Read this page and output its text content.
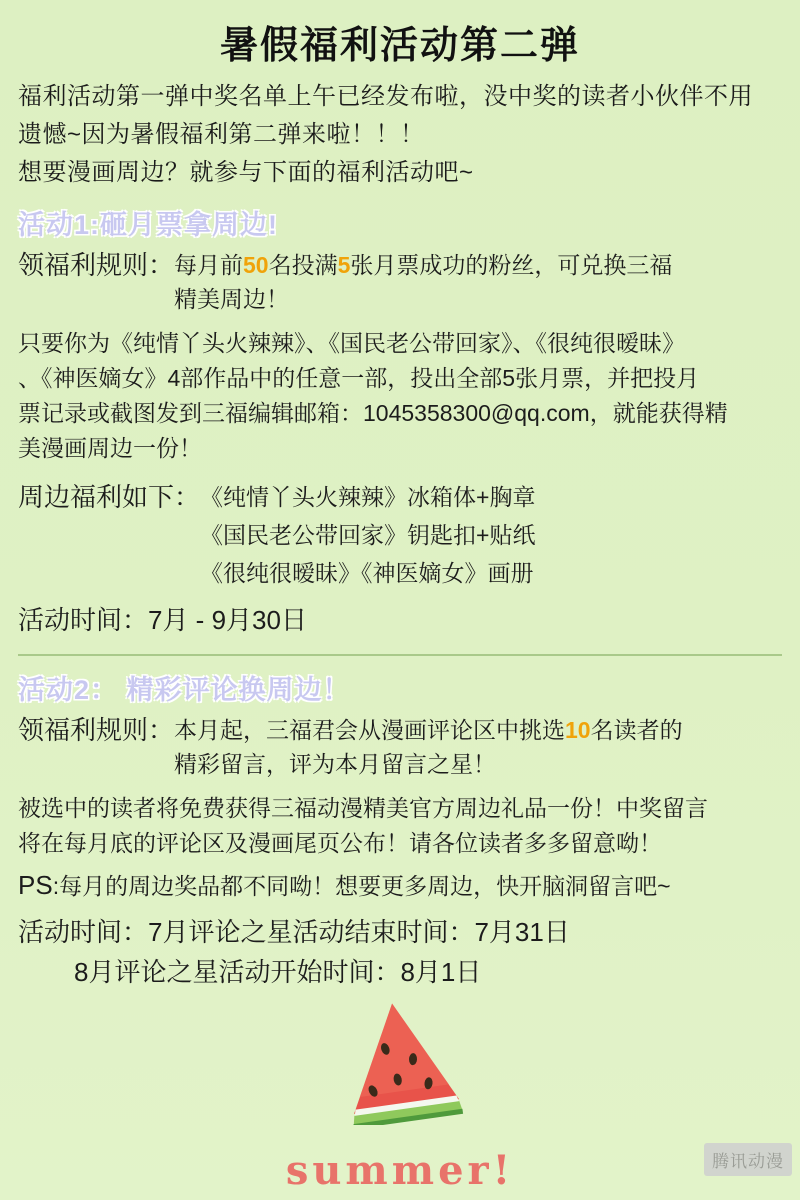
暑假福利活动第二弹

福利活动第一弹中奖名单上午已经发布啦，没中奖的读者小伙伴不用

遗憾~因为暑假福利第二弹来啦！！！

想要漫画周边？就参与下面的福利活动吧~

活动1:砸月票拿周边!
领福利规则： 每月前50名投满5张月票成功的粉丝，可兑换三福
精美周边！
只要你为《纯情丫头火辣辣》、《国民老公带回家》、《很纯很暧昧》
、《神医嫡女》4部作品中的任意一部，投出全部5张月票，并把投月
票记录或截图发到三福编辑邮箱：1045358300@qq.com，就能获得精
美漫画周边一份！
周边福利如下： 《纯情丫头火辣辣》冰箱体+胸章
《国民老公带回家》钥匙扣+贴纸
《很纯很暧昧》《神医嫡女》画册
活动时间：7月 - 9月30日
活动2： 精彩评论换周边！
领福利规则： 本月起，三福君会从漫画评论区中挑选10名读者的
精彩留言，评为本月留言之星！
被选中的读者将免费获得三福动漫精美官方周边礼品一份！中奖留言
将在每月底的评论区及漫画尾页公布！请各位读者多多留意呦！
PS:每月的周边奖品都不同呦！想要更多周边，快开脑洞留言吧~
活动时间：7月评论之星活动结束时间：7月31日
8月评论之星活动开始时间：8月1日
summer!	腾讯动漫
